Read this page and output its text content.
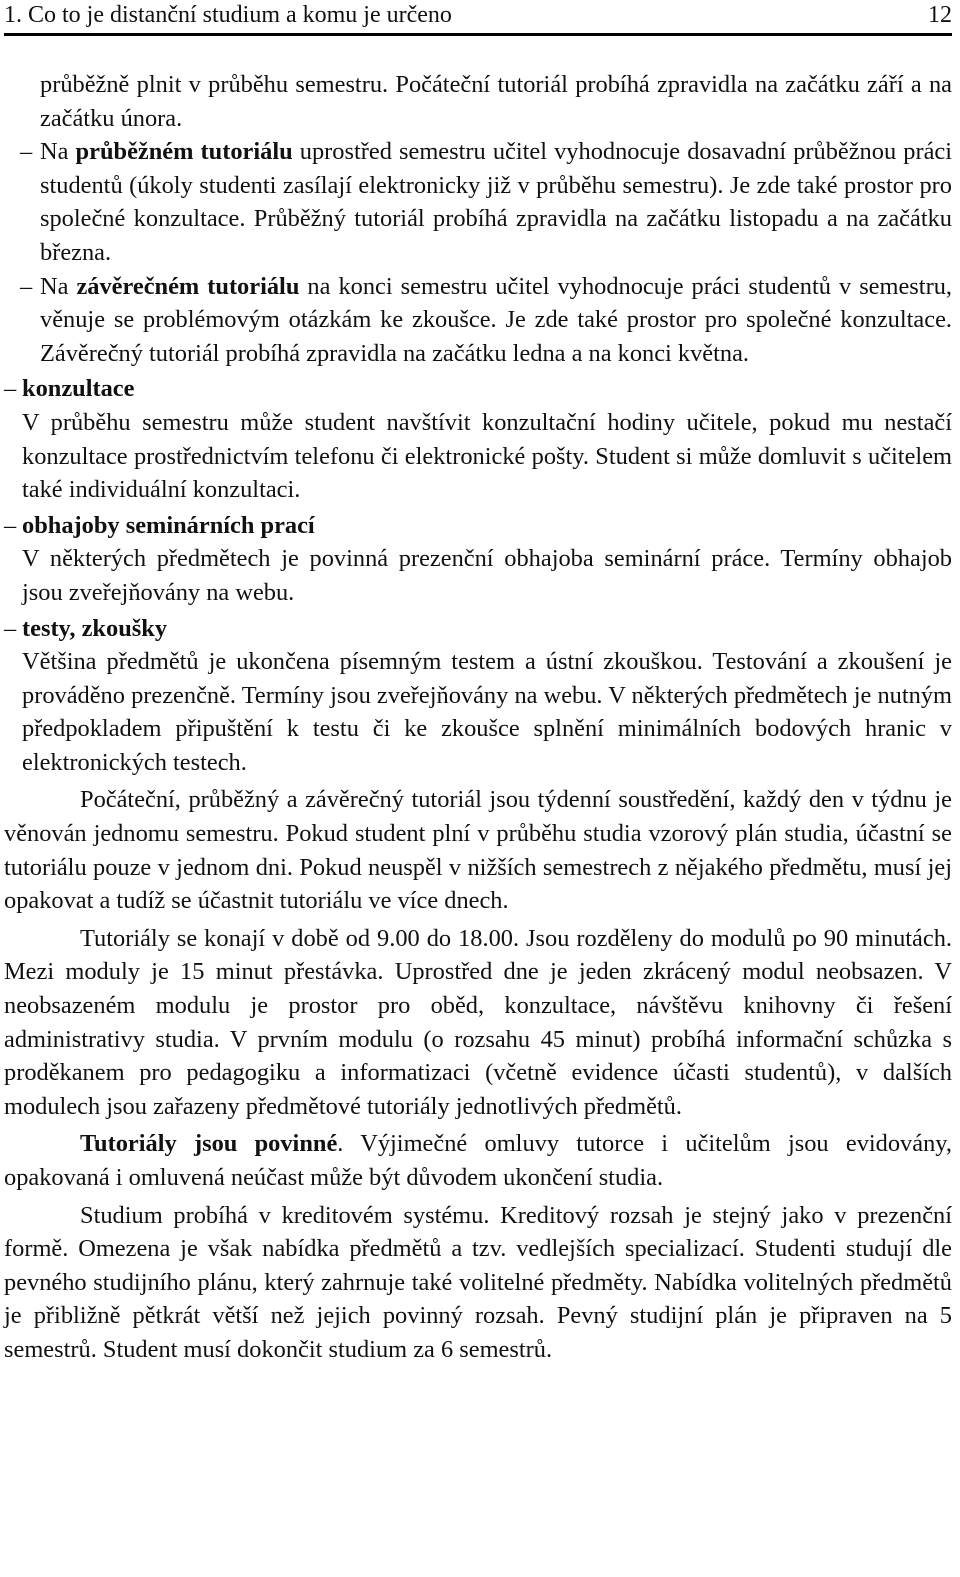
1. Co to je distanční studium a komu je určeno	12

průběžně plnit v průběhu semestru. Počáteční tutoriál probíhá zpravidla na začátku září a na začátku února.

– Na průběžném tutoriálu uprostřed semestru učitel vyhodnocuje dosavadní průběžnou práci studentů (úkoly studenti zasílají elektronicky již v průběhu semestru). Je zde také prostor pro společné konzultace. Průběžný tutoriál probíhá zpravidla na začátku listopadu a na začátku března.

– Na závěrečném tutoriálu na konci semestru učitel vyhodnocuje práci studentů v semestru, věnuje se problémovým otázkám ke zkoušce. Je zde také prostor pro společné konzultace. Závěrečný tutoriál probíhá zpravidla na začátku ledna a na konci května.

– konzultace

V průběhu semestru může student navštívit konzultační hodiny učitele, pokud mu nestačí konzultace prostřednictvím telefonu či elektronické pošty. Student si může domluvit s učitelem také individuální konzultaci.

– obhajoby seminárních prací

V některých předmětech je povinná prezenční obhajoba seminární práce. Termíny obhajob jsou zveřejňovány na webu.

– testy, zkoušky

Většina předmětů je ukončena písemným testem a ústní zkouškou. Testování a zkoušení je prováděno prezenčně. Termíny jsou zveřejňovány na webu. V některých předmětech je nutným předpokladem připuštění k testu či ke zkoušce splnění minimálních bodových hranic v elektronických testech.

Počáteční, průběžný a závěrečný tutoriál jsou týdenní soustředění, každý den v týdnu je věnován jednomu semestru. Pokud student plní v průběhu studia vzorový plán studia, účastní se tutoriálu pouze v jednom dni. Pokud neuspěl v nižších semestrech z nějakého předmětu, musí jej opakovat a tudíž se účastnit tutoriálu ve více dnech.

Tutoriály se konají v době od 9.00 do 18.00. Jsou rozděleny do modulů po 90 minutách. Mezi moduly je 15 minut přestávka. Uprostřed dne je jeden zkrácený modul neobsazen. V neobsazeném modulu je prostor pro oběd, konzultace, návštěvu knihovny či řešení administrativy studia. V prvním modulu (o rozsahu 45 minut) probíhá informační schůzka s proděkanem pro pedagogiku a informatizaci (včetně evidence účasti studentů), v dalších modulech jsou zařazeny předmětové tutoriály jednotlivých předmětů.

Tutoriály jsou povinné. Výjimečné omluvy tutorce i učitelům jsou evidovány, opakovaná i omluvená neúčast může být důvodem ukončení studia.

Studium probíhá v kreditovém systému. Kreditový rozsah je stejný jako v prezenční formě. Omezena je však nabídka předmětů a tzv. vedlejších specializací. Studenti studují dle pevného studijního plánu, který zahrnuje také volitelné předměty. Nabídka volitelných předmětů je přibližně pětkrát větší než jejich povinný rozsah. Pevný studijní plán je připraven na 5 semestrů. Student musí dokončit studium za 6 semestrů.
